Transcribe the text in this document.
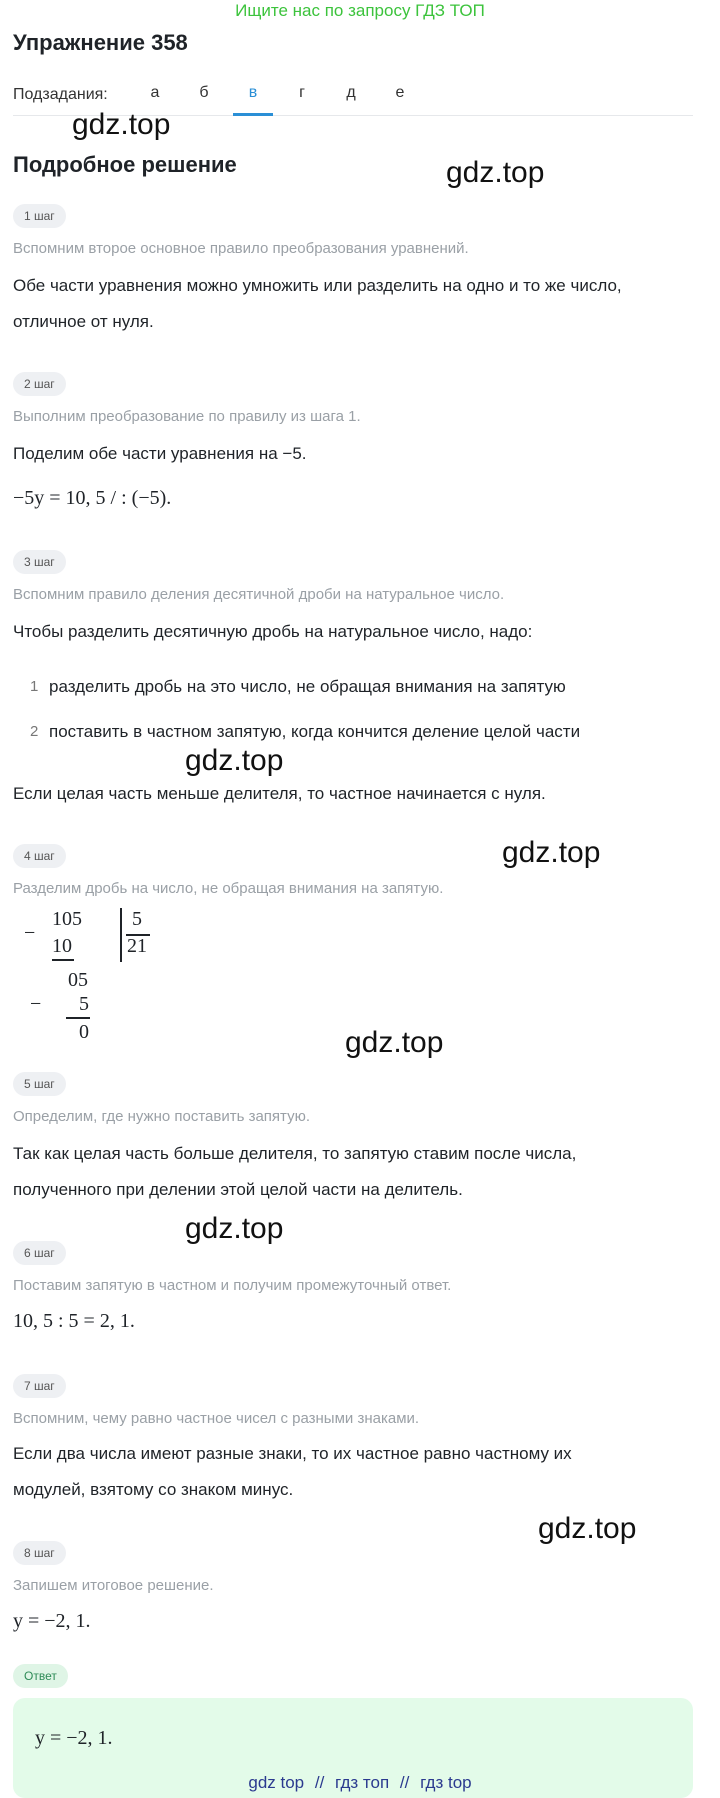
Ищите нас по запросу ГДЗ ТОП
Упражнение 358
Подзадания:	а	б	в	г	д	е
gdz.top
gdz.top
gdz.top
gdz.top
gdz.top
gdz.top
gdz.top
Подробное решение
1 шаг
Вспомним второе основное правило преобразования уравнений.
Обе части уравнения можно умножить или разделить на одно и то же число,
отличное от нуля.
2 шаг
Выполним преобразование по правилу из шага 1.
Поделим обе части уравнения на −5.
−5y = 10, 5 / : (−5).
3 шаг
Вспомним правило деления десятичной дроби на натуральное число.
Чтобы разделить десятичную дробь на натуральное число, надо:
1 разделить дробь на это число, не обращая внимания на запятую
2 поставить в частном запятую, когда кончится деление целой части
Если целая часть меньше делителя, то частное начинается с нуля.
4 шаг
Разделим дробь на число, не обращая внимания на запятую.
−
105
10
5
21
05
− 5
0
5 шаг
Определим, где нужно поставить запятую.
Так как целая часть больше делителя, то запятую ставим после числа,
полученного при делении этой целой части на делитель.
6 шаг
Поставим запятую в частном и получим промежуточный ответ.
10, 5 : 5 = 2, 1.
7 шаг
Вспомним, чему равно частное чисел с разными знаками.
Если два числа имеют разные знаки, то их частное равно частному их
модулей, взятому со знаком минус.
8 шаг
Запишем итоговое решение.
y = −2, 1.
Ответ
y = −2, 1.
gdz top // гдз топ // гдз top
